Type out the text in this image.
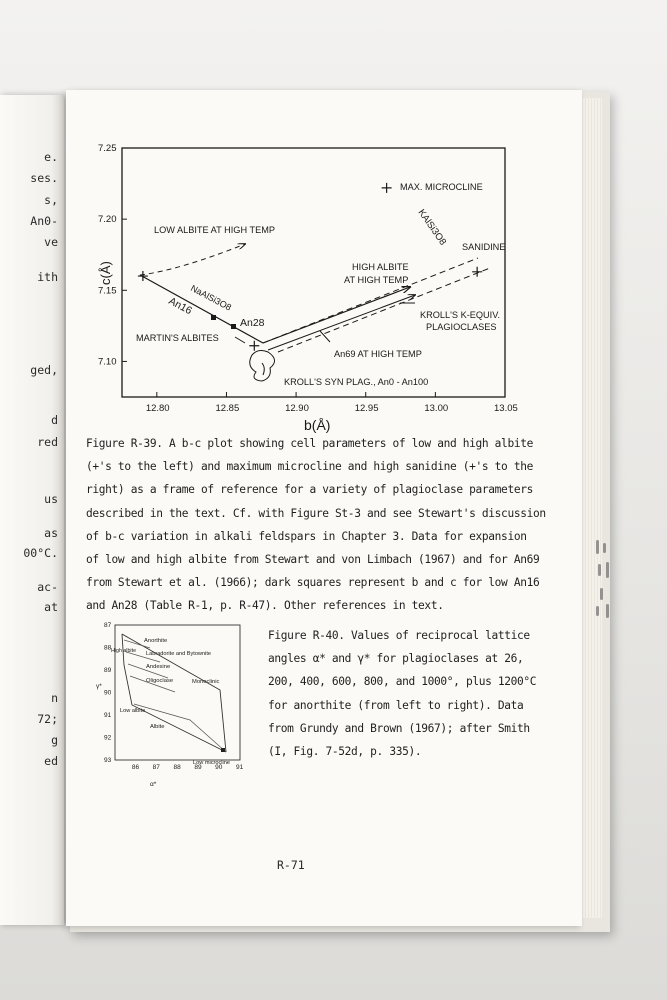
e.
ses.
s,
An0-
ve
ith
ged,
d
red
us
as
00°C.
ac-
at
n
72;
g
ed
12.80	12.85	12.90	12.95	13.00	13.05
7.10
7.15
7.20
7.25
b(Å)
c(Å)
MAX. MICROCLINE
KAlSi3O8 SANIDINE
LOW ALBITE AT HIGH TEMP
HIGH ALBITE
AT HIGH TEMP
NaAlSi3O8
An16
An28
MARTIN'S ALBITES
KROLL'S K-EQUIV.
PLAGIOCLASES
An69 AT HIGH TEMP
KROLL'S SYN PLAG., An0 - An100
86 87 88 89 90 91
87
88
89
90
91
92
93
α*
γ*
Anorthite
Labradorite and Bytownite
High albite
Andesine
Oligoclase	Monoclinic
Low albite
Albite
Low microcline
Figure R-39. A b-c plot showing cell parameters of low and high albite
(+'s to the left) and maximum microcline and high sanidine (+'s to the
right) as a frame of reference for a variety of plagioclase parameters
described in the text. Cf. with Figure St-3 and see Stewart's discussion
of b-c variation in alkali feldspars in Chapter 3. Data for expansion
of low and high albite from Stewart and von Limbach (1967) and for An69
from Stewart et al. (1966); dark squares represent b and c for low An16
and An28 (Table R-1, p. R-47). Other references in text.
Figure R-40. Values of reciprocal lattice
angles α* and γ* for plagioclases at 26,
200, 400, 600, 800, and 1000°, plus 1200°C
for anorthite (from left to right). Data
from Grundy and Brown (1967); after Smith
(I, Fig. 7-52d, p. 335).
R-71
